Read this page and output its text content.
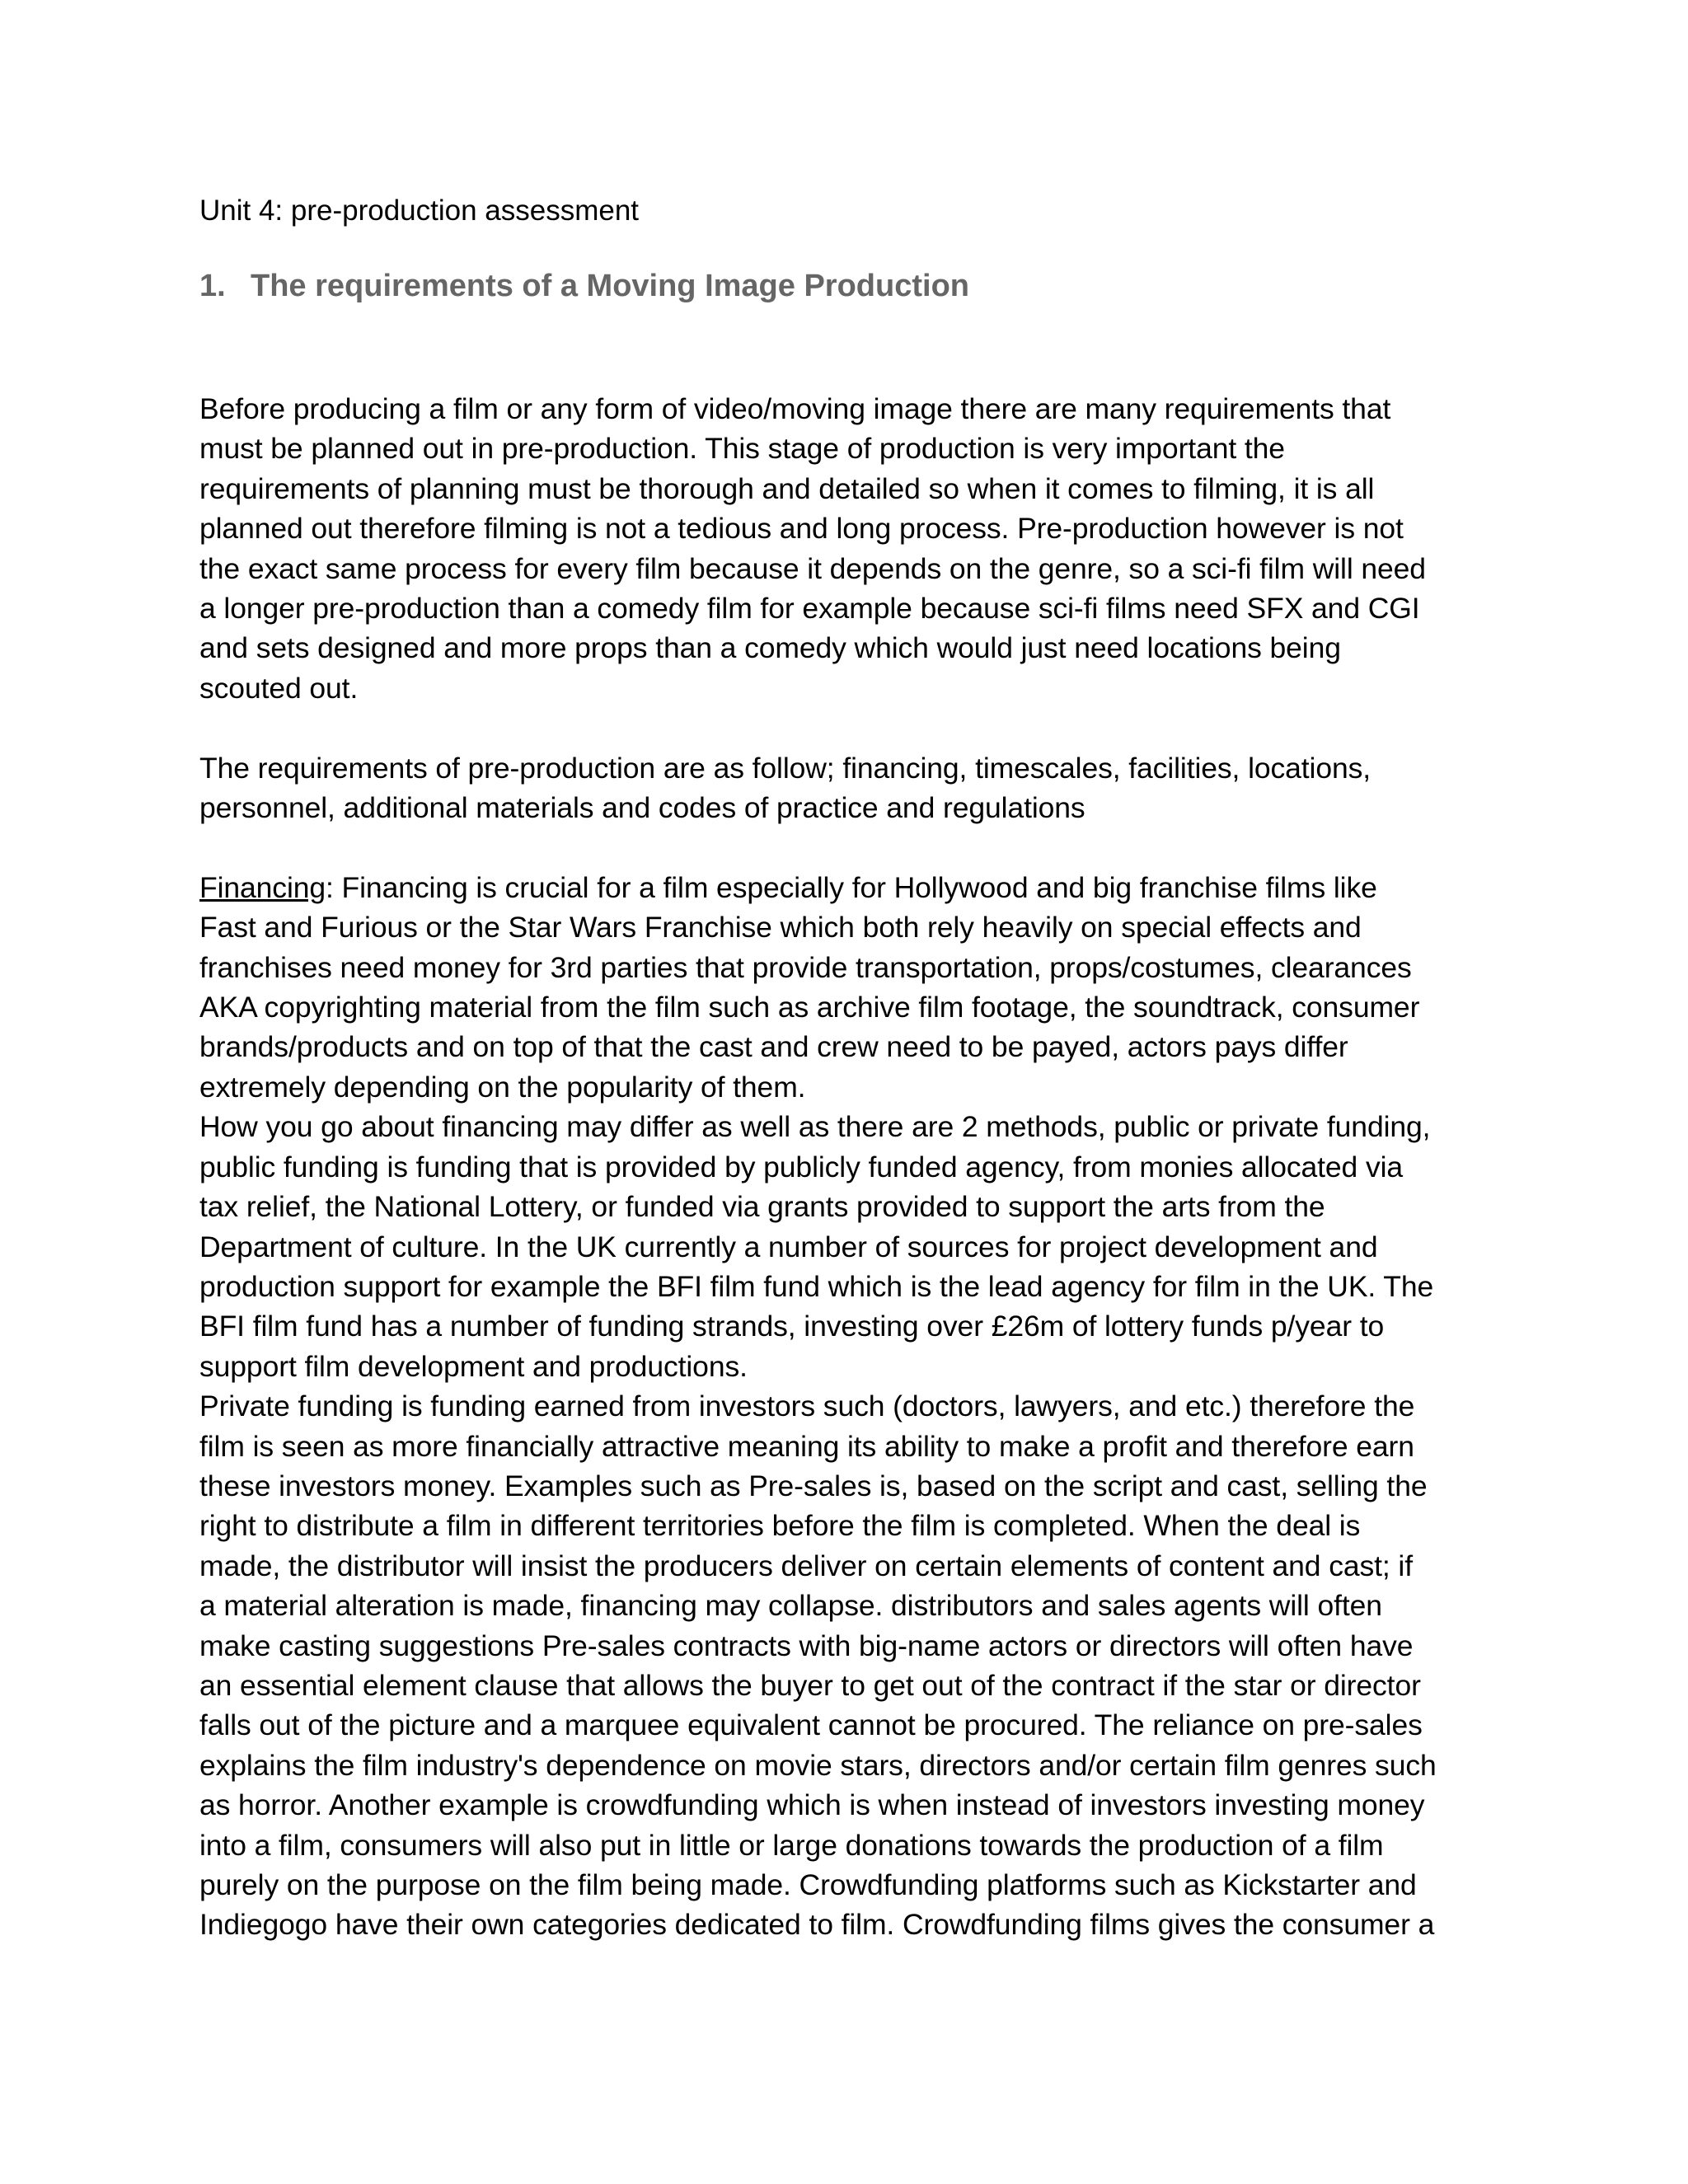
Unit 4: pre-production assessment

1. The requirements of a Moving Image Production
Before producing a film or any form of video/moving image there are many requirements that
must be planned out in pre-production. This stage of production is very important the
requirements of planning must be thorough and detailed so when it comes to filming, it is all
planned out therefore filming is not a tedious and long process. Pre-production however is not
the exact same process for every film because it depends on the genre, so a sci-fi film will need
a longer pre-production than a comedy film for example because sci-fi films need SFX and CGI
and sets designed and more props than a comedy which would just need locations being
scouted out.
The requirements of pre-production are as follow; financing, timescales, facilities, locations,
personnel, additional materials and codes of practice and regulations
Financing: Financing is crucial for a film especially for Hollywood and big franchise films like
Fast and Furious or the Star Wars Franchise which both rely heavily on special effects and
franchises need money for 3rd parties that provide transportation, props/costumes, clearances
AKA copyrighting material from the film such as archive film footage, the soundtrack, consumer
brands/products and on top of that the cast and crew need to be payed, actors pays differ
extremely depending on the popularity of them.
How you go about financing may differ as well as there are 2 methods, public or private funding,
public funding is funding that is provided by publicly funded agency, from monies allocated via
tax relief, the National Lottery, or funded via grants provided to support the arts from the
Department of culture. In the UK currently a number of sources for project development and
production support for example the BFI film fund which is the lead agency for film in the UK. The
BFI film fund has a number of funding strands, investing over £26m of lottery funds p/year to
support film development and productions.
Private funding is funding earned from investors such (doctors, lawyers, and etc.) therefore the
film is seen as more financially attractive meaning its ability to make a profit and therefore earn
these investors money. Examples such as Pre-sales is, based on the script and cast, selling the
right to distribute a film in different territories before the film is completed. When the deal is
made, the distributor will insist the producers deliver on certain elements of content and cast; if
a material alteration is made, financing may collapse. distributors and sales agents will often
make casting suggestions Pre-sales contracts with big-name actors or directors will often have
an essential element clause that allows the buyer to get out of the contract if the star or director
falls out of the picture and a marquee equivalent cannot be procured. The reliance on pre-sales
explains the film industry's dependence on movie stars, directors and/or certain film genres such
as horror. Another example is crowdfunding which is when instead of investors investing money
into a film, consumers will also put in little or large donations towards the production of a film
purely on the purpose on the film being made. Crowdfunding platforms such as Kickstarter and
Indiegogo have their own categories dedicated to film. Crowdfunding films gives the consumer a
